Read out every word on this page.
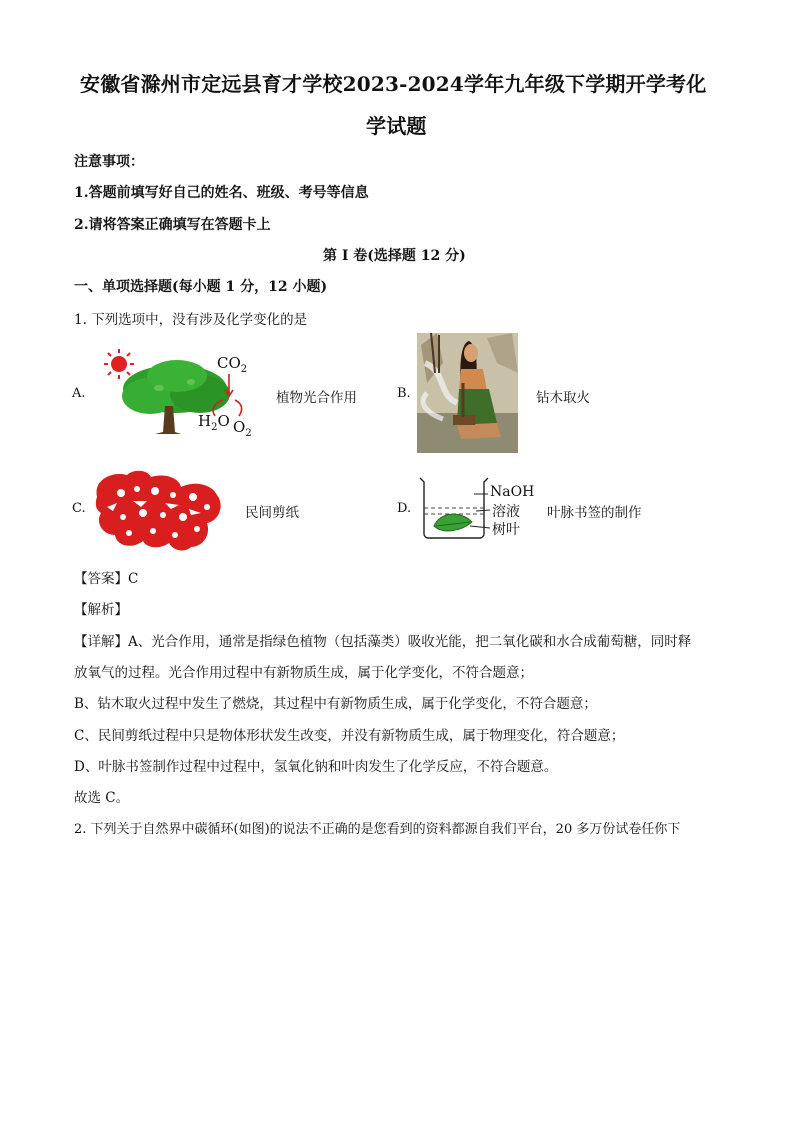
安徽省滁州市定远县育才学校2023-2024学年九年级下学期开学考化
学试题
注意事项：
1.答题前填写好自己的姓名、班级、考号等信息
2.请将答案正确填写在答题卡上
第 I 卷(选择题 12 分)
一、单项选择题(每小题 1 分，12 小题)
1. 下列选项中，没有涉及化学变化的是
A.
$CO_2$
$H_2O$ $O_2$
植物光合作用	B.	钻木取火
C.	民间剪纸	D.
NaOH
溶液
树叶
叶脉书签的制作
【答案】C
【解析】
【详解】A、光合作用，通常是指绿色植物（包括藻类）吸收光能，把二氧化碳和水合成葡萄糖，同时释
放氧气的过程。光合作用过程中有新物质生成，属于化学变化，不符合题意；
B、钻木取火过程中发生了燃烧，其过程中有新物质生成，属于化学变化，不符合题意；
C、民间剪纸过程中只是物体形状发生改变，并没有新物质生成，属于物理变化，符合题意；
D、叶脉书签制作过程中过程中，氢氧化钠和叶肉发生了化学反应，不符合题意。
故选 C。
2. 下列关于自然界中碳循环(如图)的说法不正确的是您看到的资料都源自我们平台，20 多万份试卷任你下
